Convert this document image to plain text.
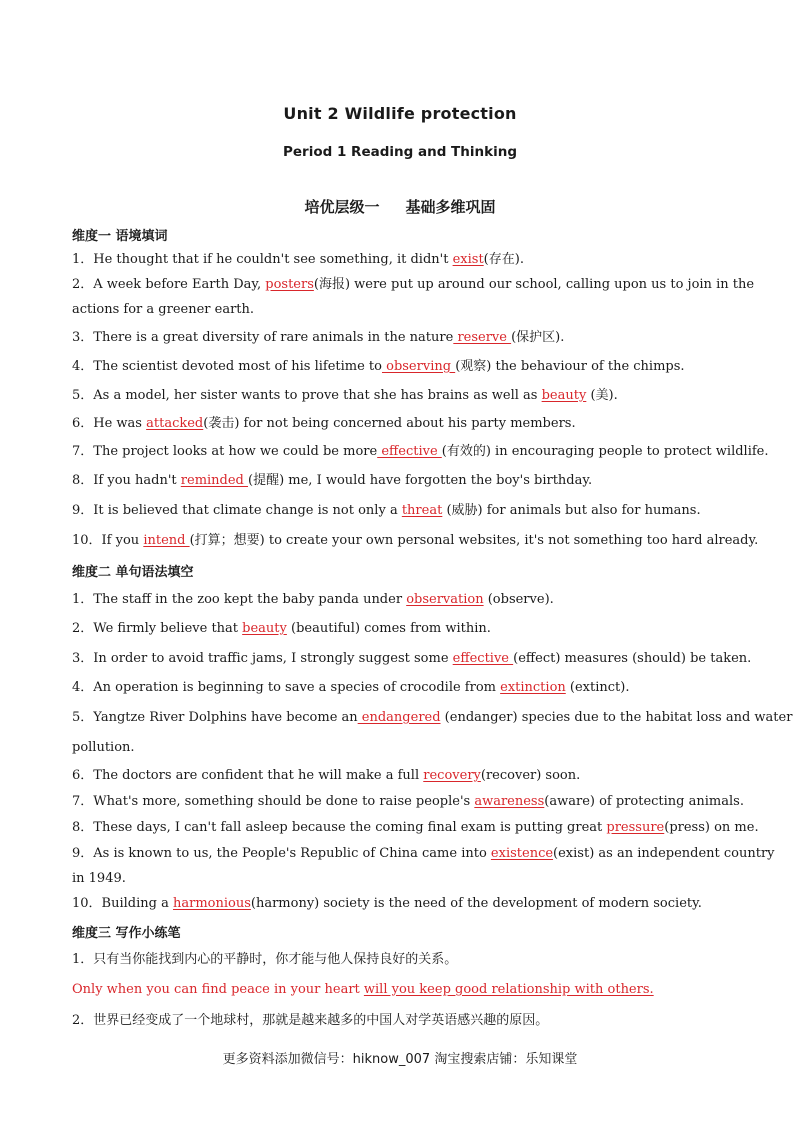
Unit 2 Wildlife protection
Period 1 Reading and Thinking
培优层级一 基础多维巩固
维度一 语境填词
1．He thought that if he couldn't see something, it didn't exist(存在).
2．A week before Earth Day, posters(海报) were put up around our school, calling upon us to join in the
actions for a greener earth.
3．There is a great diversity of rare animals in the nature reserve (保护区).
4．The scientist devoted most of his lifetime to observing (观察) the behaviour of the chimps.
5．As a model, her sister wants to prove that she has brains as well as beauty (美).
6．He was attacked(袭击) for not being concerned about his party members.
7．The project looks at how we could be more effective (有效的) in encouraging people to protect wildlife.
8．If you hadn't reminded (提醒) me, I would have forgotten the boy's birthday.
9．It is believed that climate change is not only a threat (威胁) for animals but also for humans.
10．If you intend (打算；想要) to create your own personal websites, it's not something too hard already.
维度二 单句语法填空
1．The staff in the zoo kept the baby panda under observation (observe).
2．We firmly believe that beauty (beautiful) comes from within.
3．In order to avoid traffic jams, I strongly suggest some effective (effect) measures (should) be taken.
4．An operation is beginning to save a species of crocodile from extinction (extinct).
5．Yangtze River Dolphins have become an endangered (endanger) species due to the habitat loss and water
pollution.
6．The doctors are confident that he will make a full recovery(recover) soon.
7．What's more, something should be done to raise people's awareness(aware) of protecting animals.
8．These days, I can't fall asleep because the coming final exam is putting great pressure(press) on me.
9．As is known to us, the People's Republic of China came into existence(exist) as an independent country
in 1949.
10．Building a harmonious(harmony) society is the need of the development of modern society.
维度三 写作小练笔
1．只有当你能找到内心的平静时，你才能与他人保持良好的关系。
Only when you can find peace in your heart will you keep good relationship with others.
2．世界已经变成了一个地球村，那就是越来越多的中国人对学英语感兴趣的原因。
更多资料添加微信号：hiknow_007 淘宝搜索店铺：乐知课堂
